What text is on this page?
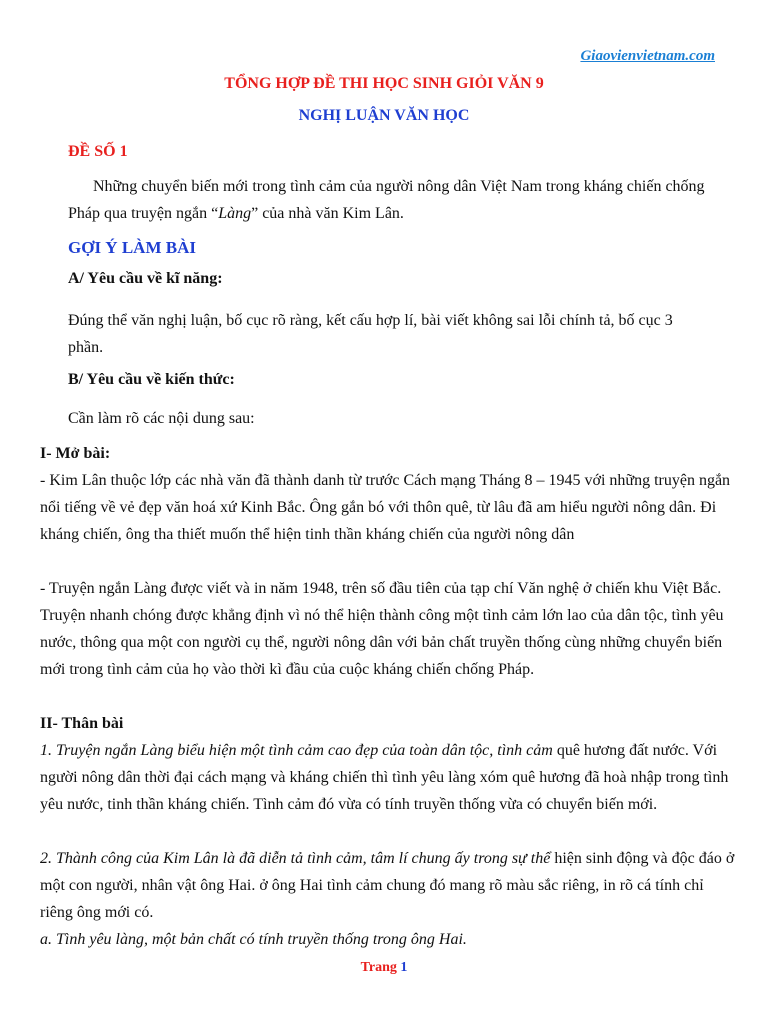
Giaovienvietnam.com
TỔNG HỢP ĐỀ THI HỌC SINH GIỎI VĂN 9
NGHỊ LUẬN VĂN HỌC
ĐỀ SỐ 1

Những chuyển biến mới trong tình cảm của người nông dân Việt Nam trong kháng chiến chống Pháp qua truyện ngắn “Làng” của nhà văn Kim Lân.

GỢI Ý LÀM BÀI
A/ Yêu cầu về kĩ năng:

Đúng thể văn nghị luận, bố cục rõ ràng, kết cấu hợp lí, bài viết không sai lỗi chính tả, bố cục 3 phần.

B/ Yêu cầu về kiến thức:
Cần làm rõ các nội dung sau:
I- Mở bài:

- Kim Lân thuộc lớp các nhà văn đã thành danh từ trước Cách mạng Tháng 8 – 1945 với những truyện ngắn nổi tiếng về vẻ đẹp văn hoá xứ Kinh Bắc. Ông gắn bó với thôn quê, từ lâu đã am hiểu người nông dân. Đi kháng chiến, ông tha thiết muốn thể hiện tinh thần kháng chiến của người nông dân

- Truyện ngắn Làng được viết và in năm 1948, trên số đầu tiên của tạp chí Văn nghệ ở chiến khu Việt Bắc. Truyện nhanh chóng được khẳng định vì nó thể hiện thành công một tình cảm lớn lao của dân tộc, tình yêu nước, thông qua một con người cụ thể, người nông dân với bản chất truyền thống cùng những chuyển biến mới trong tình cảm của họ vào thời kì đầu của cuộc kháng chiến chống Pháp.

II- Thân bài

1. Truyện ngắn Làng biểu hiện một tình cảm cao đẹp của toàn dân tộc, tình cảm quê hương đất nước. Với người nông dân thời đại cách mạng và kháng chiến thì tình yêu làng xóm quê hương đã hoà nhập trong tình yêu nước, tinh thần kháng chiến. Tình cảm đó vừa có tính truyền thống vừa có chuyển biến mới.

2. Thành công của Kim Lân là đã diễn tả tình cảm, tâm lí chung ấy trong sự thể hiện sinh động và độc đáo ở một con người, nhân vật ông Hai. ở ông Hai tình cảm chung đó mang rõ màu sắc riêng, in rõ cá tính chỉ riêng ông mới có.

a. Tình yêu làng, một bản chất có tính truyền thống trong ông Hai.

Trang 1
